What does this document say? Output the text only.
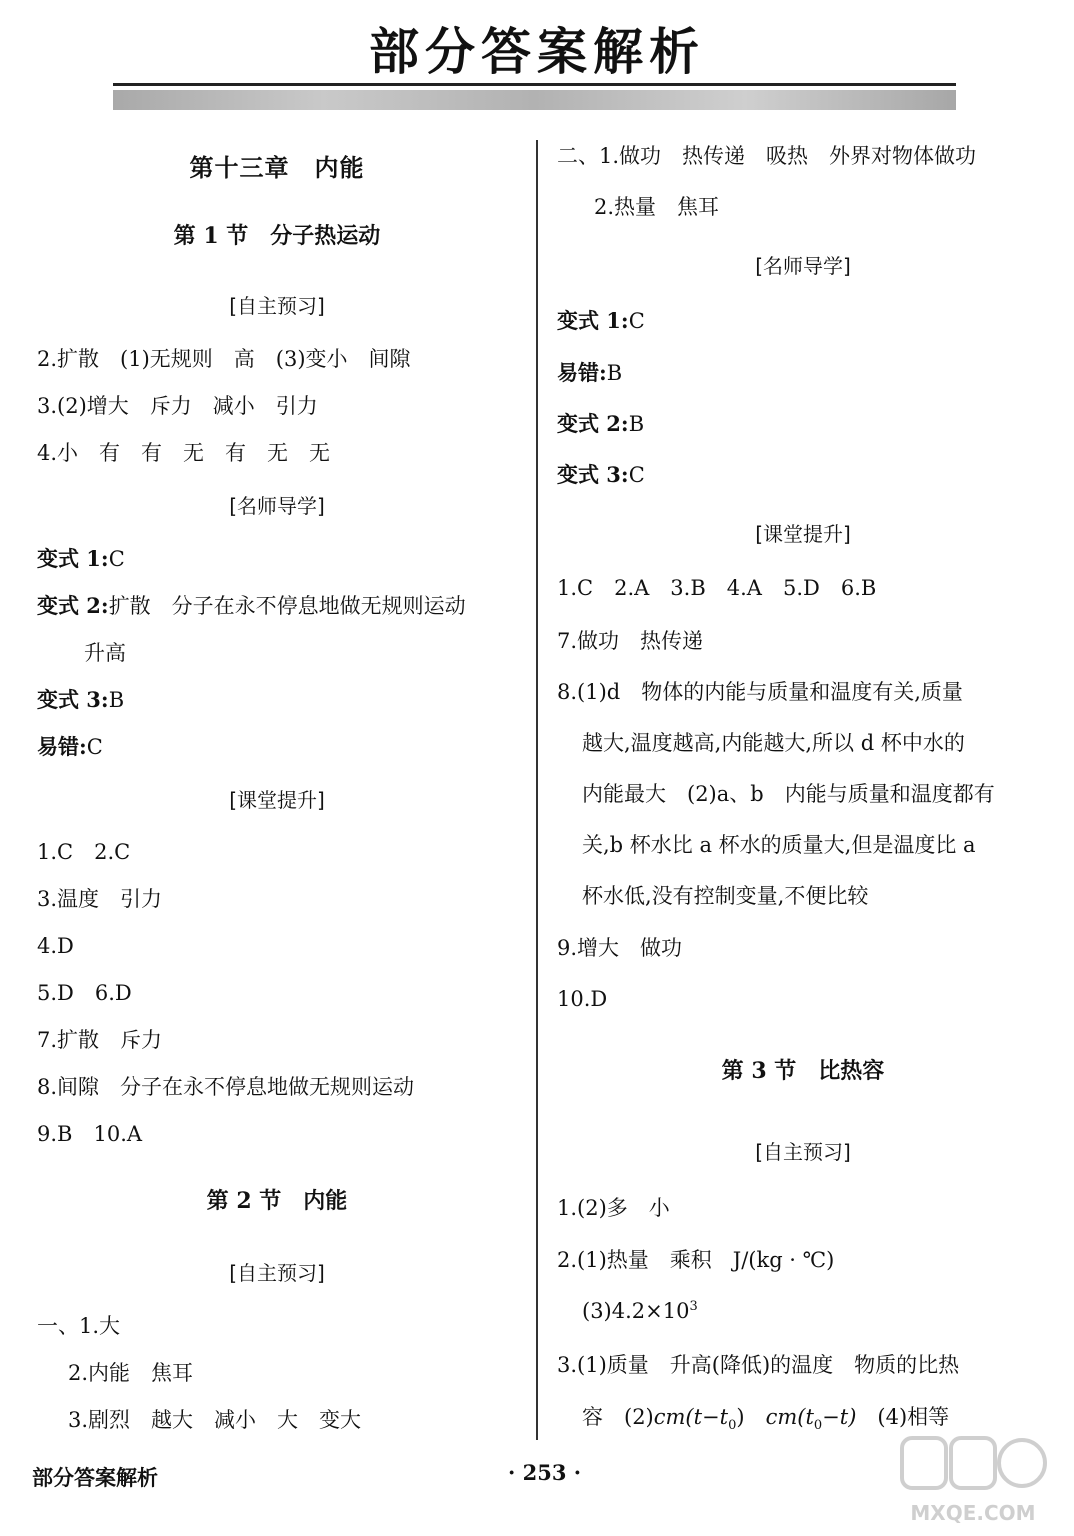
部分答案解析
第十三章　内能
第 1 节　分子热运动
[自主预习]
2.扩散　(1)无规则　高　(3)变小　间隙
3.(2)增大　斥力　减小　引力
4.小　有　有　无　有　无　无
[名师导学]
变式 1:C
变式 2:扩散　分子在永不停息地做无规则运动
升高
变式 3:B
易错:C
[课堂提升]
1.C　2.C
3.温度　引力
4.D
5.D　6.D
7.扩散　斥力
8.间隙　分子在永不停息地做无规则运动
9.B　10.A
第 2 节　内能
[自主预习]
一、1.大
2.内能　焦耳
3.剧烈　越大　减小　大　变大
二、1.做功　热传递　吸热　外界对物体做功
2.热量　焦耳
[名师导学]
变式 1:C
易错:B
变式 2:B
变式 3:C
[课堂提升]
1.C　2.A　3.B　4.A　5.D　6.B
7.做功　热传递
8.(1)d　物体的内能与质量和温度有关,质量
越大,温度越高,内能越大,所以 d 杯中水的
内能最大　(2)a、b　内能与质量和温度都有
关,b 杯水比 a 杯水的质量大,但是温度比 a
杯水低,没有控制变量,不便比较
9.增大　做功
10.D
第 3 节　比热容
[自主预习]
1.(2)多　小
2.(1)热量　乘积　J/(kg · ℃)
$(3)4.2\times 10^3$
3.(1)质量　升高(降低)的温度　物质的比热
容　$(2)cm(t-t_0)$　$cm(t_0-t)$　(4)相等
部分答案解析	· 253 ·
MXQE.COM
